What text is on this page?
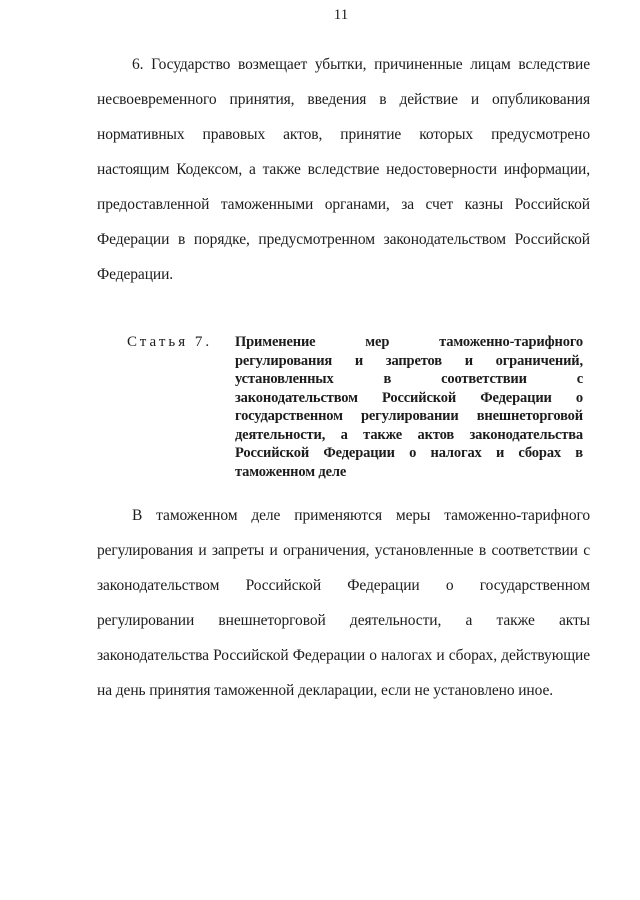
11
6. Государство возмещает убытки, причиненные лицам вследствие
несвоевременного принятия, введения в действие и опубликования
нормативных правовых актов, принятие которых предусмотрено
настоящим Кодексом, а также вследствие недостоверности информации,
предоставленной таможенными органами, за счет казны Российской
Федерации в порядке, предусмотренном законодательством Российской
Федерации.
Статья 7.	Применение мер таможенно-тарифного
регулирования и запретов и ограничений,
установленных в соответствии с
законодательством Российской Федерации о
государственном регулировании внешнеторговой
деятельности, а также актов законодательства
Российской Федерации о налогах и сборах в
таможенном деле
В таможенном деле применяются меры таможенно-тарифного
регулирования и запреты и ограничения, установленные в соответствии с
законодательством Российской Федерации о государственном
регулировании внешнеторговой деятельности, а также акты
законодательства Российской Федерации о налогах и сборах, действующие
на день принятия таможенной декларации, если не установлено иное.
